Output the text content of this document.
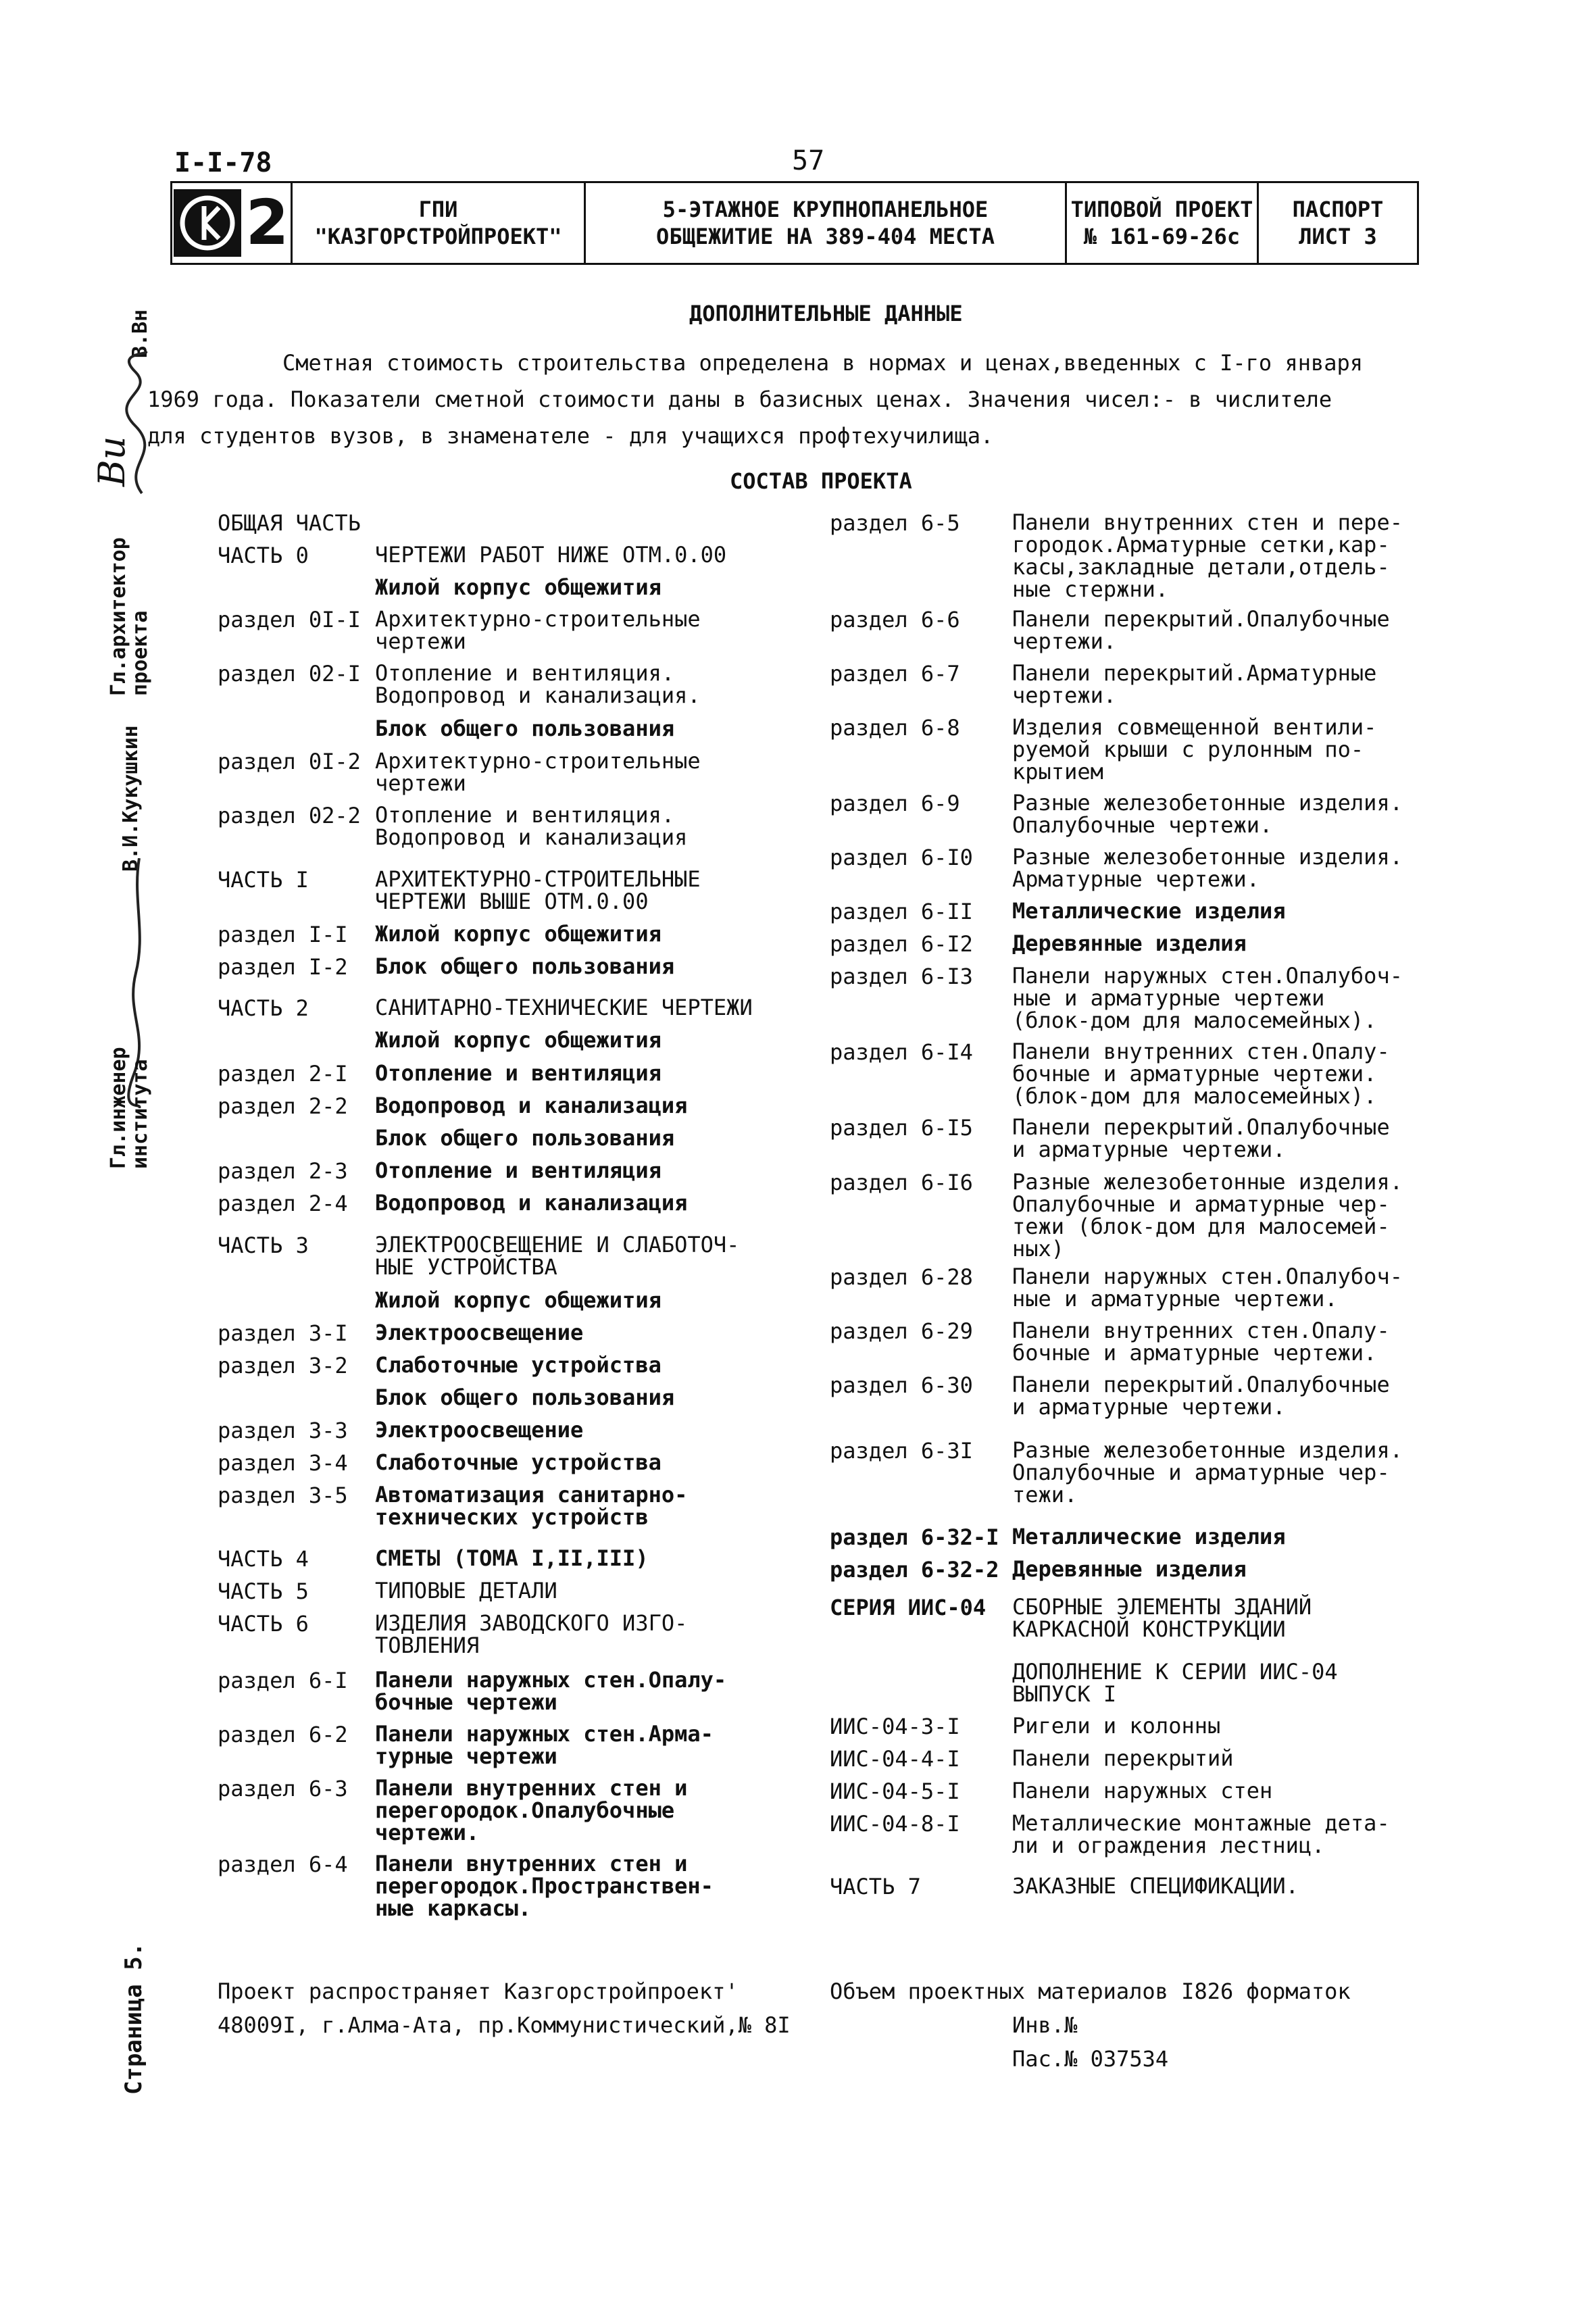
I-I-78	57
2	ГПИ
"КАЗГОРСТРОЙПРОЕКТ"
5-ЭТАЖНОЕ КРУПНОПАНЕЛЬНОЕ
ОБЩЕЖИТИЕ НА 389-404 МЕСТА
ТИПОВОЙ ПРОЕКТ
№ 161-69-26с
ПАСПОРТ
ЛИСТ 3
Гл.архитектор
проекта
В.Вн
Ви
В.И.Кукушкин
Гл.инженер
института
Страница 5.
ДОПОЛНИТЕЛЬНЫЕ ДАННЫЕ
Сметная стоимость строительства определена в нормах и ценах,введенных с I-го января
1969 года. Показатели сметной стоимости даны в базисных ценах. Значения чисел:- в числителе
для студентов вузов, в знаменателе - для учащихся профтехучилища.
СОСТАВ ПРОЕКТА
ОБЩАЯ ЧАСТЬ
ЧАСТЬ 0	ЧЕРТЕЖИ РАБОТ НИЖЕ ОТМ.0.00
Жилой корпус общежития
раздел 0I-I Архитектурно-строительные
чертежи
раздел 02-I Отопление и вентиляция.
Водопровод и канализация.
Блок общего пользования
раздел 0I-2 Архитектурно-строительные
чертежи
раздел 02-2 Отопление и вентиляция.
Водопровод и канализация
ЧАСТЬ I	АРХИТЕКТУРНО-СТРОИТЕЛЬНЫЕ
ЧЕРТЕЖИ ВЫШЕ ОТМ.0.00
раздел I-I Жилой корпус общежития
раздел I-2 Блок общего пользования
ЧАСТЬ 2	САНИТАРНО-ТЕХНИЧЕСКИЕ ЧЕРТЕЖИ
Жилой корпус общежития
раздел 2-I Отопление и вентиляция
раздел 2-2 Водопровод и канализация
Блок общего пользования
раздел 2-3 Отопление и вентиляция
раздел 2-4 Водопровод и канализация
ЧАСТЬ 3	ЭЛЕКТРООСВЕЩЕНИЕ И СЛАБОТОЧ-
НЫЕ УСТРОЙСТВА
Жилой корпус общежития
раздел 3-I Электроосвещение
раздел 3-2 Слаботочные устройства
Блок общего пользования
раздел 3-3 Электроосвещение
раздел 3-4 Слаботочные устройства
раздел 3-5 Автоматизация санитарно-
технических устройств
ЧАСТЬ 4	СМЕТЫ (ТОМА I,II,III)
ЧАСТЬ 5	ТИПОВЫЕ ДЕТАЛИ
ЧАСТЬ 6	ИЗДЕЛИЯ ЗАВОДСКОГО ИЗГО-
ТОВЛЕНИЯ
раздел 6-I Панели наружных стен.Опалу-
бочные чертежи
раздел 6-2 Панели наружных стен.Арма-
турные чертежи
раздел 6-3 Панели внутренних стен и
перегородок.Опалубочные
чертежи.
раздел 6-4 Панели внутренних стен и
перегородок.Пространствен-
ные каркасы.
раздел 6-5 Панели внутренних стен и пере-
городок.Арматурные сетки,кар-
касы,закладные детали,отдель-
ные стержни.
раздел 6-6 Панели перекрытий.Опалубочные
чертежи.
раздел 6-7 Панели перекрытий.Арматурные
чертежи.
раздел 6-8 Изделия совмещенной вентили-
руемой крыши с рулонным по-
крытием
раздел 6-9 Разные железобетонные изделия.
Опалубочные чертежи.
раздел 6-I0 Разные железобетонные изделия.
Арматурные чертежи.
раздел 6-II Металлические изделия
раздел 6-I2 Деревянные изделия
раздел 6-I3 Панели наружных стен.Опалубоч-
ные и арматурные чертежи
(блок-дом для малосемейных).
раздел 6-I4 Панели внутренних стен.Опалу-
бочные и арматурные чертежи.
(блок-дом для малосемейных).
раздел 6-I5 Панели перекрытий.Опалубочные
и арматурные чертежи.
раздел 6-I6 Разные железобетонные изделия.
Опалубочные и арматурные чер-
тежи (блок-дом для малосемей-
ных)
раздел 6-28 Панели наружных стен.Опалубоч-
ные и арматурные чертежи.
раздел 6-29 Панели внутренних стен.Опалу-
бочные и арматурные чертежи.
раздел 6-30 Панели перекрытий.Опалубочные
и арматурные чертежи.
раздел 6-3I Разные железобетонные изделия.
Опалубочные и арматурные чер-
тежи.
раздел 6-32-I Металлические изделия
раздел 6-32-2 Деревянные изделия
СЕРИЯ ИИС-04 СБОРНЫЕ ЭЛЕМЕНТЫ ЗДАНИЙ
КАРКАСНОЙ КОНСТРУКЦИИ
ДОПОЛНЕНИЕ К СЕРИИ ИИС-04
ВЫПУСК I
ИИС-04-3-I Ригели и колонны
ИИС-04-4-I Панели перекрытий
ИИС-04-5-I Панели наружных стен
ИИС-04-8-I Металлические монтажные дета-
ли и ограждения лестниц.
ЧАСТЬ 7	ЗАКАЗНЫЕ СПЕЦИФИКАЦИИ.
Проект распространяет Казгорстройпроект'
48009I, г.Алма-Ата, пр.Коммунистический,№ 8I
Объем проектных материалов I826 форматок
Инв.№
Пас.№ 037534
